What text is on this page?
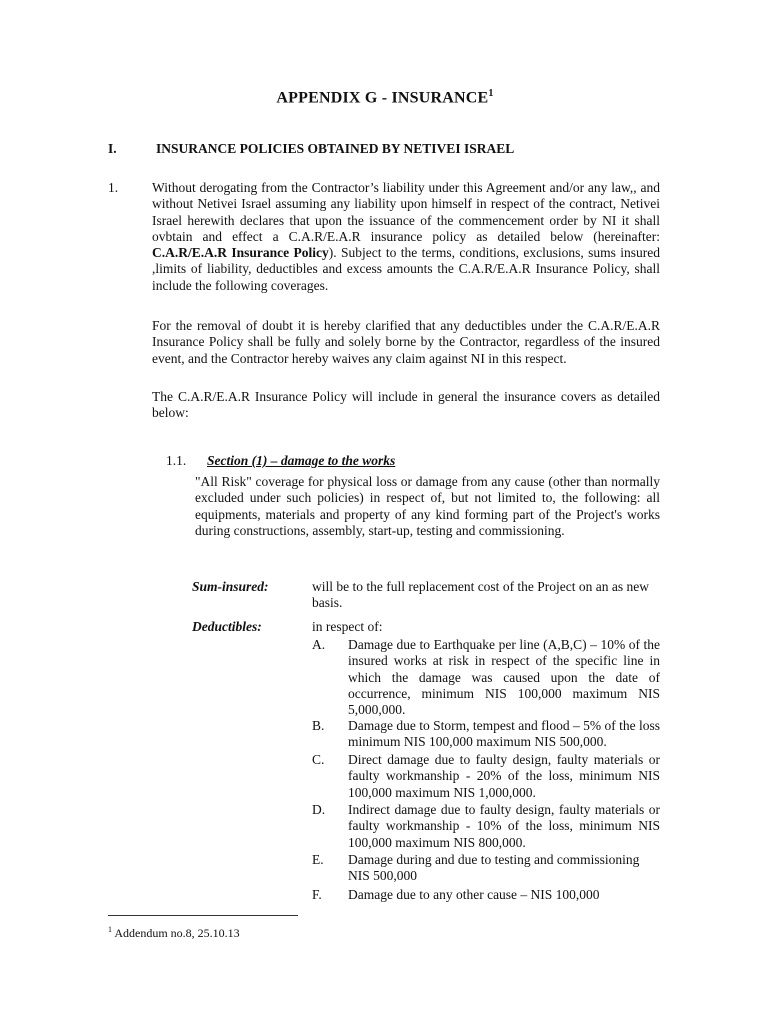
APPENDIX G - INSURANCE$^1$
I.	INSURANCE POLICIES OBTAINED BY NETIVEI ISRAEL
1.	Without derogating from the Contractor’s liability under this Agreement and/or any law,, and without Netivei Israel assuming any liability upon himself in respect of the contract, Netivei Israel herewith declares that upon the issuance of the commencement order by NI it shall ovbtain and effect a C.A.R/E.A.R insurance policy as detailed below (hereinafter: C.A.R/E.A.R Insurance Policy). Subject to the terms, conditions, exclusions, sums insured ,limits of liability, deductibles and excess amounts the C.A.R/E.A.R Insurance Policy, shall include the following coverages.
For the removal of doubt it is hereby clarified that any deductibles under the C.A.R/E.A.R Insurance Policy shall be fully and solely borne by the Contractor, regardless of the insured event, and the Contractor hereby waives any claim against NI in this respect.
The C.A.R/E.A.R Insurance Policy will include in general the insurance covers as detailed below:
1.1. Section (1) – damage to the works
"All Risk" coverage for physical loss or damage from any cause (other than normally excluded under such policies) in respect of, but not limited to, the following: all equipments, materials and property of any kind forming part of the Project's works during constructions, assembly, start-up, testing and commissioning.
Sum-insured:	will be to the full replacement cost of the Project on an as new basis.
Deductibles:	in respect of:
A. Damage due to Earthquake per line (A,B,C) – 10% of the insured works at risk in respect of the specific line in which the damage was caused upon the date of occurrence, minimum NIS 100,000 maximum NIS 5,000,000.
B. Damage due to Storm, tempest and flood – 5% of the loss minimum NIS 100,000 maximum NIS 500,000.
C. Direct damage due to faulty design, faulty materials or faulty workmanship - 20% of the loss, minimum NIS 100,000 maximum NIS 1,000,000.
D. Indirect damage due to faulty design, faulty materials or faulty workmanship - 10% of the loss, minimum NIS 100,000 maximum NIS 800,000.
E. Damage during and due to testing and commissioning NIS 500,000
F. Damage due to any other cause – NIS 100,000
$^1$ Addendum no.8, 25.10.13
